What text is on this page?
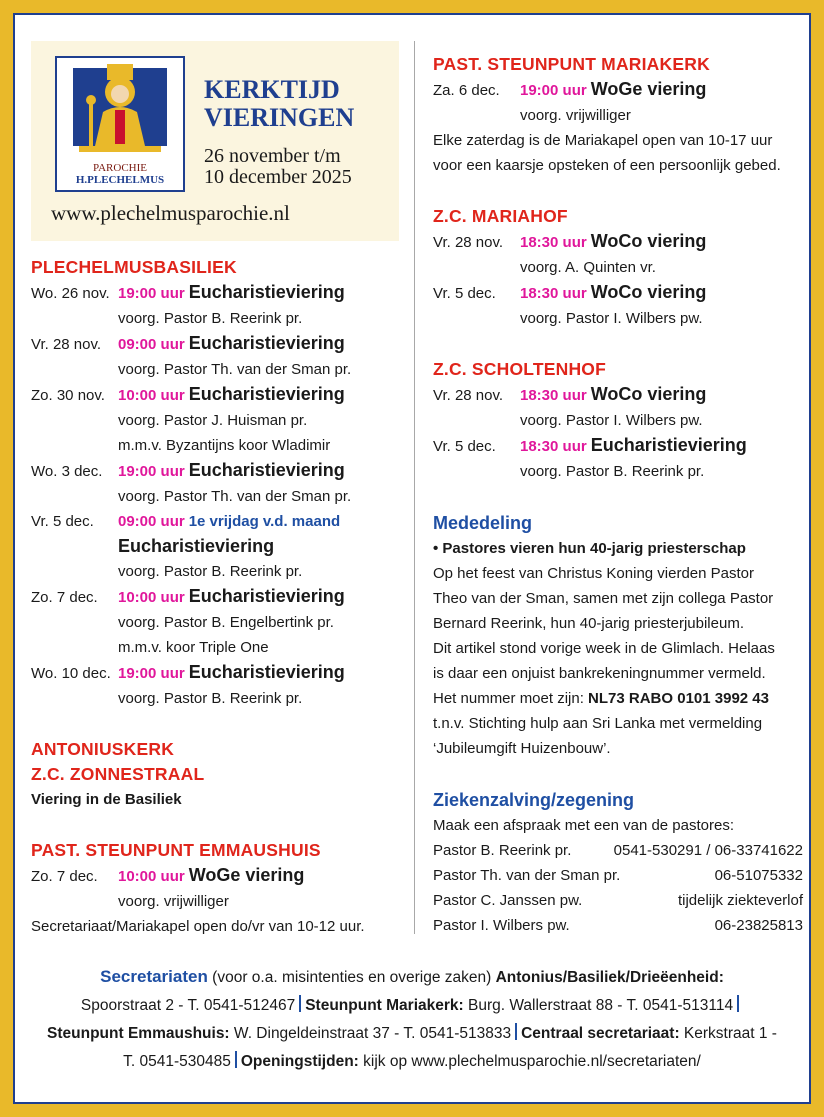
PAROCHIE
H.PLECHELMUS
KERKTIJD
VIERINGEN
26 november t/m
10 december 2025
www.plechelmusparochie.nl
PLECHELMUSBASILIEK
Wo. 26 nov. 19:00 uur Eucharistieviering
voorg. Pastor B. Reerink pr.
Vr. 28 nov.	09:00 uur Eucharistieviering
voorg. Pastor Th. van der Sman pr.
Zo. 30 nov. 10:00 uur Eucharistieviering
voorg. Pastor J. Huisman pr.
m.m.v. Byzantijns koor Wladimir
Wo. 3 dec.	19:00 uur Eucharistieviering
voorg. Pastor Th. van der Sman pr.
Vr. 5 dec.	09:00 uur 1e vrijdag v.d. maand
Eucharistieviering
voorg. Pastor B. Reerink pr.
Zo. 7 dec.	10:00 uur Eucharistieviering
voorg. Pastor B. Engelbertink pr.
m.m.v. koor Triple One
Wo. 10 dec. 19:00 uur Eucharistieviering
voorg. Pastor B. Reerink pr.
ANTONIUSKERK
Z.C. ZONNESTRAAL
Viering in de Basiliek
PAST. STEUNPUNT EMMAUSHUIS
Zo. 7 dec.	10:00 uur WoGe viering
voorg. vrijwilliger
Secretariaat/Mariakapel open do/vr van 10-12 uur.
PAST. STEUNPUNT MARIAKERK
Za. 6 dec.	19:00 uur WoGe viering
voorg. vrijwilliger
Elke zaterdag is de Mariakapel open van 10-17 uur
voor een kaarsje opsteken of een persoonlijk gebed.
Z.C. MARIAHOF
Vr. 28 nov.	18:30 uur WoCo viering
voorg. A. Quinten vr.
Vr. 5 dec.	18:30 uur WoCo viering
voorg. Pastor I. Wilbers pw.
Z.C. SCHOLTENHOF
Vr. 28 nov.	18:30 uur WoCo viering
voorg. Pastor I. Wilbers pw.
Vr. 5 dec.	18:30 uur Eucharistieviering
voorg. Pastor B. Reerink pr.
Mededeling
• Pastores vieren hun 40-jarig priesterschap
Op het feest van Christus Koning vierden Pastor
Theo van der Sman, samen met zijn collega Pastor
Bernard Reerink, hun 40-jarig priesterjubileum.
Dit artikel stond vorige week in de Glimlach. Helaas
is daar een onjuist bankrekeningnummer vermeld.
Het nummer moet zijn: NL73 RABO 0101 3992 43
t.n.v. Stichting hulp aan Sri Lanka met vermelding
‘Jubileumgift Huizenbouw’.
Ziekenzalving/zegening
Maak een afspraak met een van de pastores:
Pastor B. Reerink pr.	0541-530291 / 06-33741622
Pastor Th. van der Sman pr.	06-51075332
Pastor C. Janssen pw.	tijdelijk ziekteverlof
Pastor I. Wilbers pw.	06-23825813
Secretariaten (voor o.a. misintenties en overige zaken) Antonius/Basiliek/Drieëenheid:
Spoorstraat 2 - T. 0541-512467 Steunpunt Mariakerk: Burg. Wallerstraat 88 - T. 0541-513114
Steunpunt Emmaushuis: W. Dingeldeinstraat 37 - T. 0541-513833 Centraal secretariaat: Kerkstraat 1 -
T. 0541-530485 Openingstijden: kijk op www.plechelmusparochie.nl/secretariaten/
